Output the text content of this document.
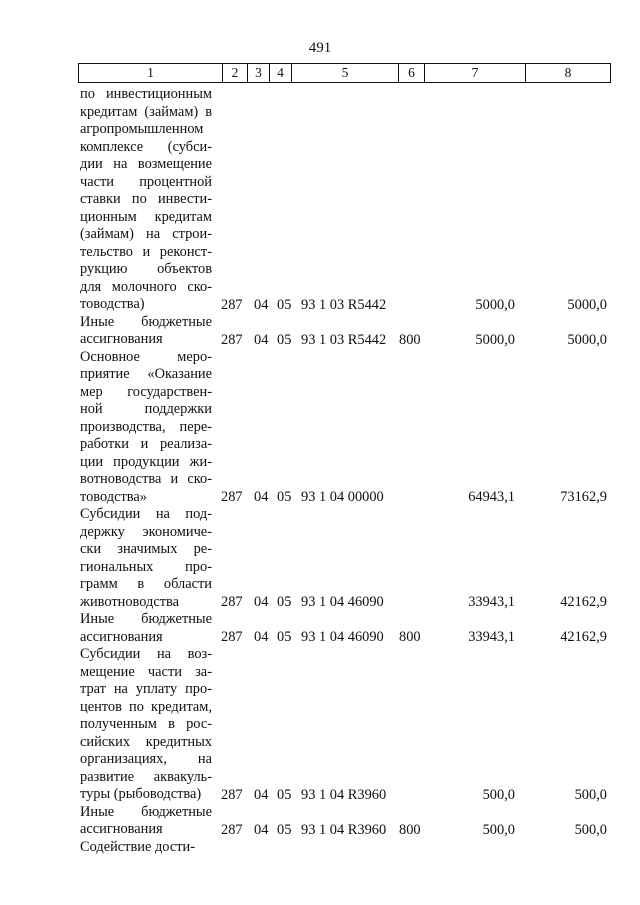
491
1	2	3	4	5	6	7	8
по инвестиционным
кредитам (займам) в
агропромышленном
комплексе (субси-
дии на возмещение
части процентной
ставки по инвести-
ционным кредитам
(займам) на строи-
тельство и реконст-
рукцию объектов
для молочного ско-
товодства)	287 04 05 93 1 03 R5442	5000,0	5000,0
Иные бюджетные
ассигнования	287 04 05 93 1 03 R5442 800	5000,0	5000,0
Основное меро-
приятие «Оказание
мер государствен-
ной поддержки
производства, пере-
работки и реализа-
ции продукции жи-
вотноводства и ско-
товодства»	287 04 05 93 1 04 00000	64943,1	73162,9
Субсидии на под-
держку экономиче-
ски значимых ре-
гиональных про-
грамм в области
животноводства	287 04 05 93 1 04 46090	33943,1	42162,9
Иные бюджетные
ассигнования	287 04 05 93 1 04 46090 800	33943,1	42162,9
Субсидии на воз-
мещение части за-
трат на уплату про-
центов по кредитам,
полученным в рос-
сийских кредитных
организациях, на
развитие аквакуль-
туры (рыбоводства)	287 04 05 93 1 04 R3960	500,0	500,0
Иные бюджетные
ассигнования	287 04 05 93 1 04 R3960 800	500,0	500,0
Содействие дости-
